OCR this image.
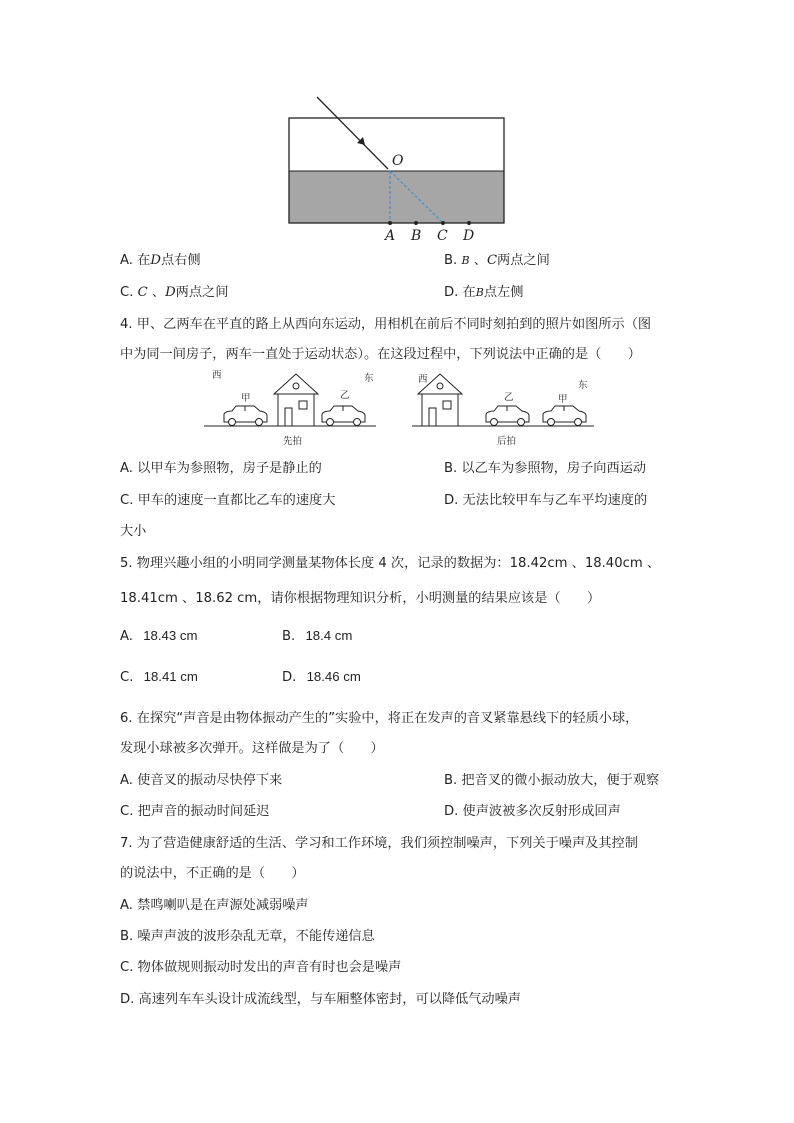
O
A B C D
A. 在D点右侧	B. B 、C两点之间
C. C 、D两点之间	D. 在B点左侧
4. 甲、乙两车在平直的路上从西向东运动，用相机在前后不同时刻拍到的照片如图所示（图
中为同一间房子，两车一直处于运动状态）。在这段过程中，下列说法中正确的是（　　）
西	东
甲	乙
先拍
西
东
乙	甲
后拍
A. 以甲车为参照物，房子是静止的	B. 以乙车为参照物，房子向西运动
C. 甲车的速度一直都比乙车的速度大	D. 无法比较甲车与乙车平均速度的
大小
5. 物理兴趣小组的小明同学测量某物体长度 4 次，记录的数据为：18.42cm 、18.40cm 、
18.41cm 、18.62 cm，请你根据物理知识分析，小明测量的结果应该是（　　）
A. 18.43 cm	B. 18.4 cm
C. 18.41 cm	D. 18.46 cm
6. 在探究“声音是由物体振动产生的”实验中，将正在发声的音叉紧靠悬线下的轻质小球，
发现小球被多次弹开。这样做是为了（　　）
A. 使音叉的振动尽快停下来	B. 把音叉的微小振动放大，便于观察
C. 把声音的振动时间延迟	D. 使声波被多次反射形成回声
7. 为了营造健康舒适的生活、学习和工作环境，我们须控制噪声，下列关于噪声及其控制
的说法中，不正确的是（　　）
A. 禁鸣喇叭是在声源处减弱噪声
B. 噪声声波的波形杂乱无章，不能传递信息
C. 物体做规则振动时发出的声音有时也会是噪声
D. 高速列车车头设计成流线型，与车厢整体密封，可以降低气动噪声
